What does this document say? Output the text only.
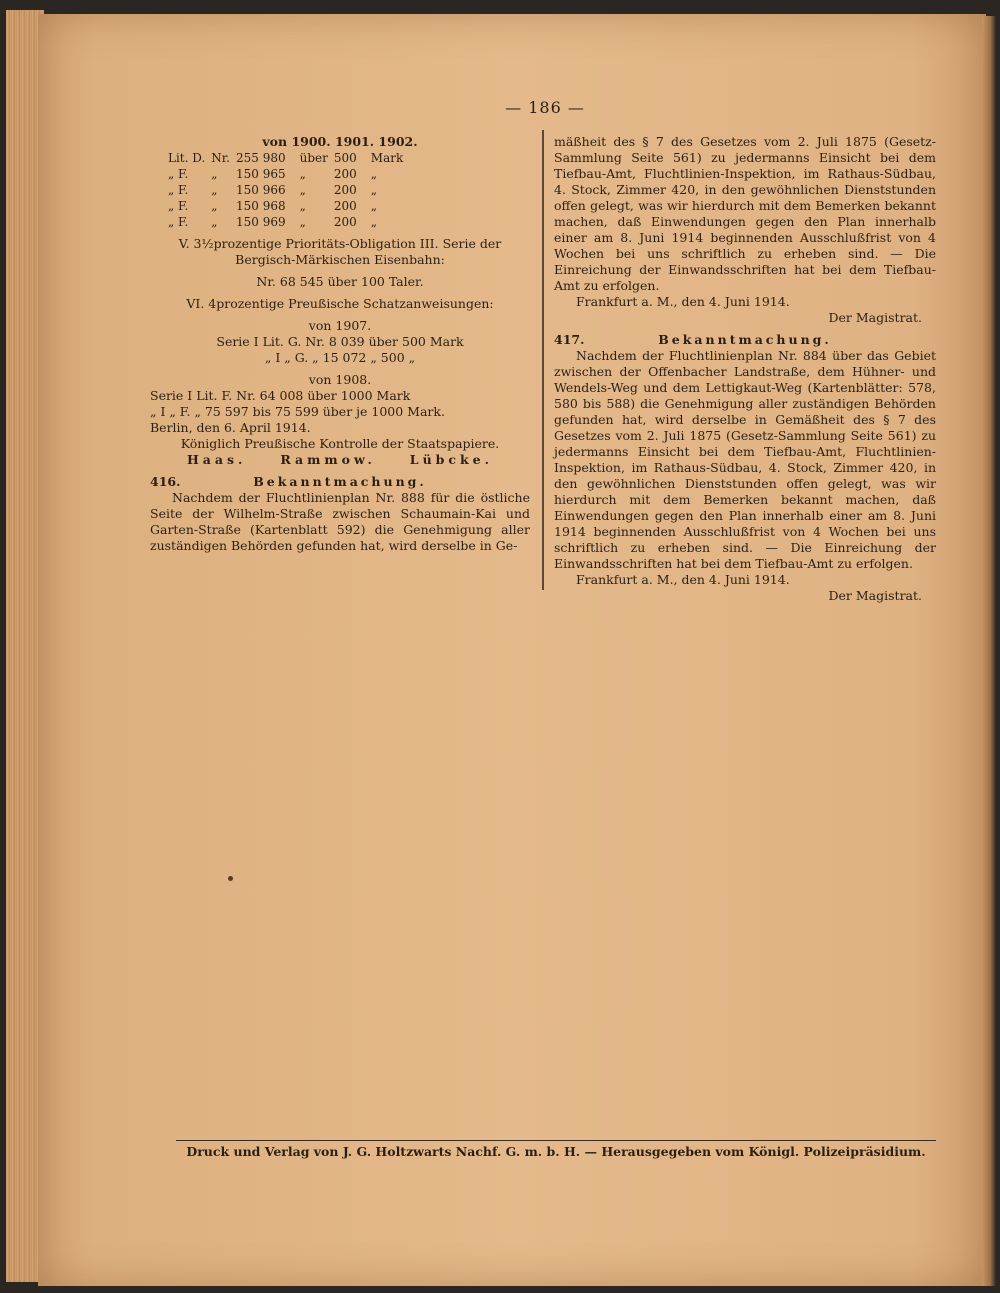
— 186 —
von 1900. 1901. 1902.
Lit. D.	Nr.	255 980	über	500	Mark
„ F.	„	150 965	„	200	„
„ F.	„	150 966	„	200	„
„ F.	„	150 968	„	200	„
„ F.	„	150 969	„	200	„
V. 3½prozentige Prioritäts-Obligation III. Serie der Bergisch-Märkischen Eisenbahn:
Nr. 68 545 über 100 Taler.
VI. 4prozentige Preußische Schatzanweisungen:
von 1907.
Serie I Lit. G. Nr. 8 039 über 500 Mark
„ I „ G. „ 15 072 „ 500 „
von 1908.
Serie I Lit. F. Nr. 64 008 über 1000 Mark
„ I „ F. „ 75 597 bis 75 599 über je 1000 Mark.
Berlin, den 6. April 1914.
Königlich Preußische Kontrolle der Staatspapiere.
Haas.	Rammow.	Lübcke.
416.	Bekanntmachung.
Nachdem der Fluchtlinienplan Nr. 888 für die östliche Seite der Wilhelm-Straße zwischen Schaumain-Kai und Garten-Straße (Kartenblatt 592) die Genehmigung aller zuständigen Behörden gefunden hat, wird derselbe in Ge-
mäßheit des § 7 des Gesetzes vom 2. Juli 1875 (Gesetz-Sammlung Seite 561) zu jedermanns Einsicht bei dem Tiefbau-Amt, Fluchtlinien-Inspektion, im Rathaus-Südbau, 4. Stock, Zimmer 420, in den gewöhnlichen Dienststunden offen gelegt, was wir hierdurch mit dem Bemerken bekannt machen, daß Einwendungen gegen den Plan innerhalb einer am 8. Juni 1914 beginnenden Ausschlußfrist von 4 Wochen bei uns schriftlich zu erheben sind. — Die Einreichung der Einwandsschriften hat bei dem Tiefbau-Amt zu erfolgen.
Frankfurt a. M., den 4. Juni 1914.
Der Magistrat.
417.	Bekanntmachung.
Nachdem der Fluchtlinienplan Nr. 884 über das Gebiet zwischen der Offenbacher Landstraße, dem Hühner- und Wendels-Weg und dem Lettigkaut-Weg (Kartenblätter: 578, 580 bis 588) die Genehmigung aller zuständigen Behörden gefunden hat, wird derselbe in Gemäßheit des § 7 des Gesetzes vom 2. Juli 1875 (Gesetz-Sammlung Seite 561) zu jedermanns Einsicht bei dem Tiefbau-Amt, Fluchtlinien-Inspektion, im Rathaus-Südbau, 4. Stock, Zimmer 420, in den gewöhnlichen Dienststunden offen gelegt, was wir hierdurch mit dem Bemerken bekannt machen, daß Einwendungen gegen den Plan innerhalb einer am 8. Juni 1914 beginnenden Ausschlußfrist von 4 Wochen bei uns schriftlich zu erheben sind. — Die Einreichung der Einwandsschriften hat bei dem Tiefbau-Amt zu erfolgen.
Frankfurt a. M., den 4. Juni 1914.
Der Magistrat.
Druck und Verlag von J. G. Holtzwarts Nachf. G. m. b. H. — Herausgegeben vom Königl. Polizeipräsidium.
